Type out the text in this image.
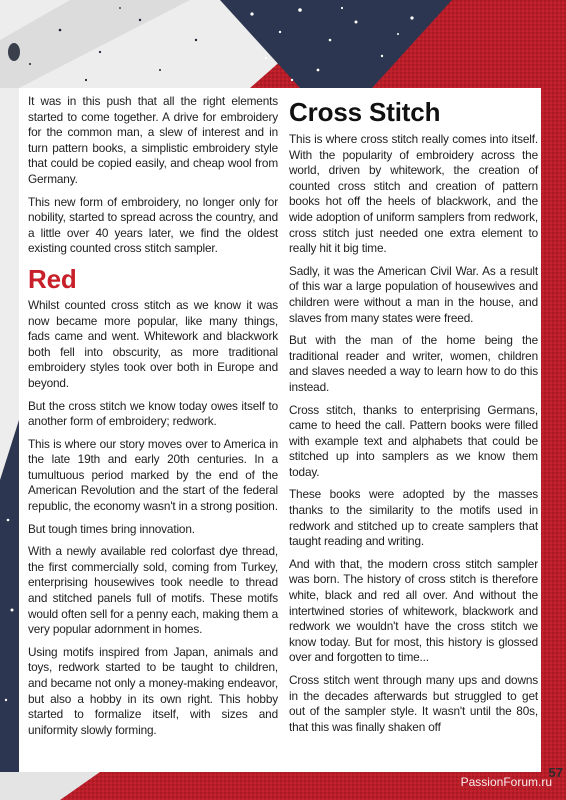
It was in this push that all the right elements started to come together. A drive for embroidery for the common man, a slew of interest and in turn pattern books, a simplistic embroidery style that could be copied easily, and cheap wool from Germany.

This new form of embroidery, no longer only for nobility, started to spread across the country, and a little over 40 years later, we find the oldest existing counted cross stitch sampler.

Red

Whilst counted cross stitch as we know it was now became more popular, like many things, fads came and went. Whitework and blackwork both fell into obscurity, as more traditional embroidery styles took over both in Europe and beyond.

But the cross stitch we know today owes itself to another form of embroidery; redwork.

This is where our story moves over to America in the late 19th and early 20th centuries. In a tumultuous period marked by the end of the American Revolution and the start of the federal republic, the economy wasn't in a strong position.

But tough times bring innovation.

With a newly available red colorfast dye thread, the first commercially sold, coming from Turkey, enterprising housewives took needle to thread and stitched panels full of motifs. These motifs would often sell for a penny each, making them a very popular adornment in homes.

Using motifs inspired from Japan, animals and toys, redwork started to be taught to children, and became not only a money-making endeavor, but also a hobby in its own right. This hobby started to formalize itself, with sizes and uniformity slowly forming.

Cross Stitch

This is where cross stitch really comes into itself. With the popularity of embroidery across the world, driven by whitework, the creation of counted cross stitch and creation of pattern books hot off the heels of blackwork, and the wide adoption of uniform samplers from redwork, cross stitch just needed one extra element to really hit it big time.

Sadly, it was the American Civil War. As a result of this war a large population of housewives and children were without a man in the house, and slaves from many states were freed.

But with the man of the home being the traditional reader and writer, women, children and slaves needed a way to learn how to do this instead.

Cross stitch, thanks to enterprising Germans, came to heed the call. Pattern books were filled with example text and alphabets that could be stitched up into samplers as we know them today.

These books were adopted by the masses thanks to the similarity to the motifs used in redwork and stitched up to create samplers that taught reading and writing.

And with that, the modern cross stitch sampler was born. The history of cross stitch is therefore white, black and red all over. And without the intertwined stories of whitework, blackwork and redwork we wouldn't have the cross stitch we know today. But for most, this history is glossed over and forgotten to time...

Cross stitch went through many ups and downs in the decades afterwards but struggled to get out of the sampler style. It wasn't until the 80s, that this was finally shaken off

57
PassionForum.ru
